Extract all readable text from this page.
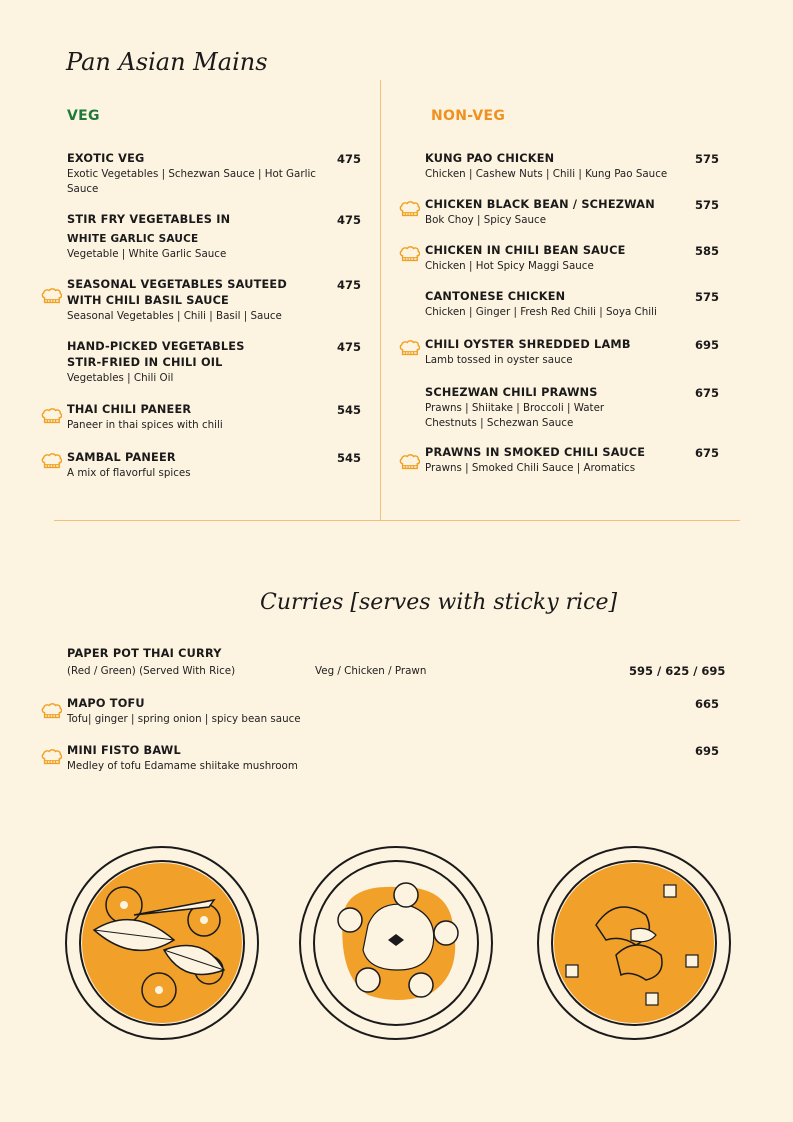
Pan Asian Mains
VEG	NON-VEG
EXOTIC VEG
Exotic Vegetables | Schezwan Sauce | Hot Garlic Sauce
475
STIR FRY VEGETABLES IN
WHITE GARLIC SAUCE
Vegetable | White Garlic Sauce
475
SEASONAL VEGETABLES SAUTEED WITH CHILI BASIL SAUCE
Seasonal Vegetables | Chili | Basil | Sauce
475
HAND-PICKED VEGETABLES STIR-FRIED IN CHILI OIL
Vegetables | Chili Oil
475
THAI CHILI PANEER
Paneer in thai spices with chili
545
SAMBAL PANEER
A mix of flavorful spices
545
KUNG PAO CHICKEN
Chicken | Cashew Nuts | Chili | Kung Pao Sauce
575
CHICKEN BLACK BEAN / SCHEZWAN
Bok Choy | Spicy Sauce
575
CHICKEN IN CHILI BEAN SAUCE
Chicken | Hot Spicy Maggi Sauce
585
CANTONESE CHICKEN
Chicken | Ginger | Fresh Red Chili | Soya Chili
575
CHILI OYSTER SHREDDED LAMB
Lamb tossed in oyster sauce
695
SCHEZWAN CHILI PRAWNS
Prawns | Shiitake | Broccoli | Water Chestnuts | Schezwan Sauce
675
PRAWNS IN SMOKED CHILI SAUCE
Prawns | Smoked Chili Sauce | Aromatics
675
Curries [serves with sticky rice]
PAPER POT THAI CURRY
(Red / Green) (Served With Rice)	Veg / Chicken / Prawn	595 / 625 / 695
MAPO TOFU
Tofu| ginger | spring onion | spicy bean sauce
665
MINI FISTO BAWL
Medley of tofu Edamame shiitake mushroom
695
